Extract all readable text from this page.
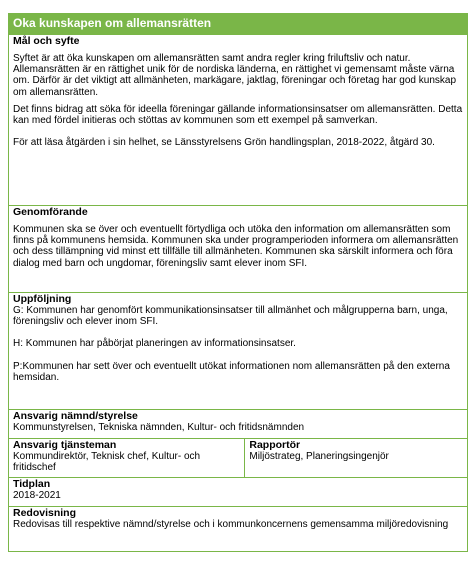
Oka kunskapen om allemansrätten
Mål och syfte
Syftet är att öka kunskapen om allemansrätten samt andra regler kring friluftsliv och natur. Allemansrätten är en rättighet unik för de nordiska länderna, en rättighet vi gemensamt måste värna om. Därför är det viktigt att allmänheten, markägare, jaktlag, föreningar och företag har god kunskap om allemansrätten.
Det finns bidrag att söka för ideella föreningar gällande informationsinsatser om allemansrätten. Detta kan med fördel initieras och stöttas av kommunen som ett exempel på samverkan.
För att läsa åtgärden i sin helhet, se Länsstyrelsens Grön handlingsplan, 2018-2022, åtgärd 30.

Genomförande
Kommunen ska se över och eventuellt förtydliga och utöka den information om allemansrätten som finns på kommunens hemsida. Kommunen ska under programperioden informera om allemansrätten och dess tillämpning vid minst ett tillfälle till allmänheten. Kommunen ska särskilt informera och föra dialog med barn och ungdomar, föreningsliv samt elever inom SFI.

Uppföljning
G: Kommunen har genomfört kommunikationsinsatser till allmänhet och målgrupperna barn, unga, föreningsliv och elever inom SFI.
H: Kommunen har påbörjat planeringen av informationsinsatser.
P:Kommunen har sett över och eventuellt utökat informationen nom allemansrätten på den externa hemsidan.

Ansvarig nämnd/styrelse
Kommunstyrelsen, Tekniska nämnden, Kultur- och fritidsnämnden

Ansvarig tjänsteman
Kommundirektör, Teknisk chef, Kultur- och fritidschef

Rapportör
Miljöstrateg, Planeringsingenjör

Tidplan
2018-2021

Redovisning
Redovisas till respektive nämnd/styrelse och i kommunkoncernens gemensamma miljöredovisning
